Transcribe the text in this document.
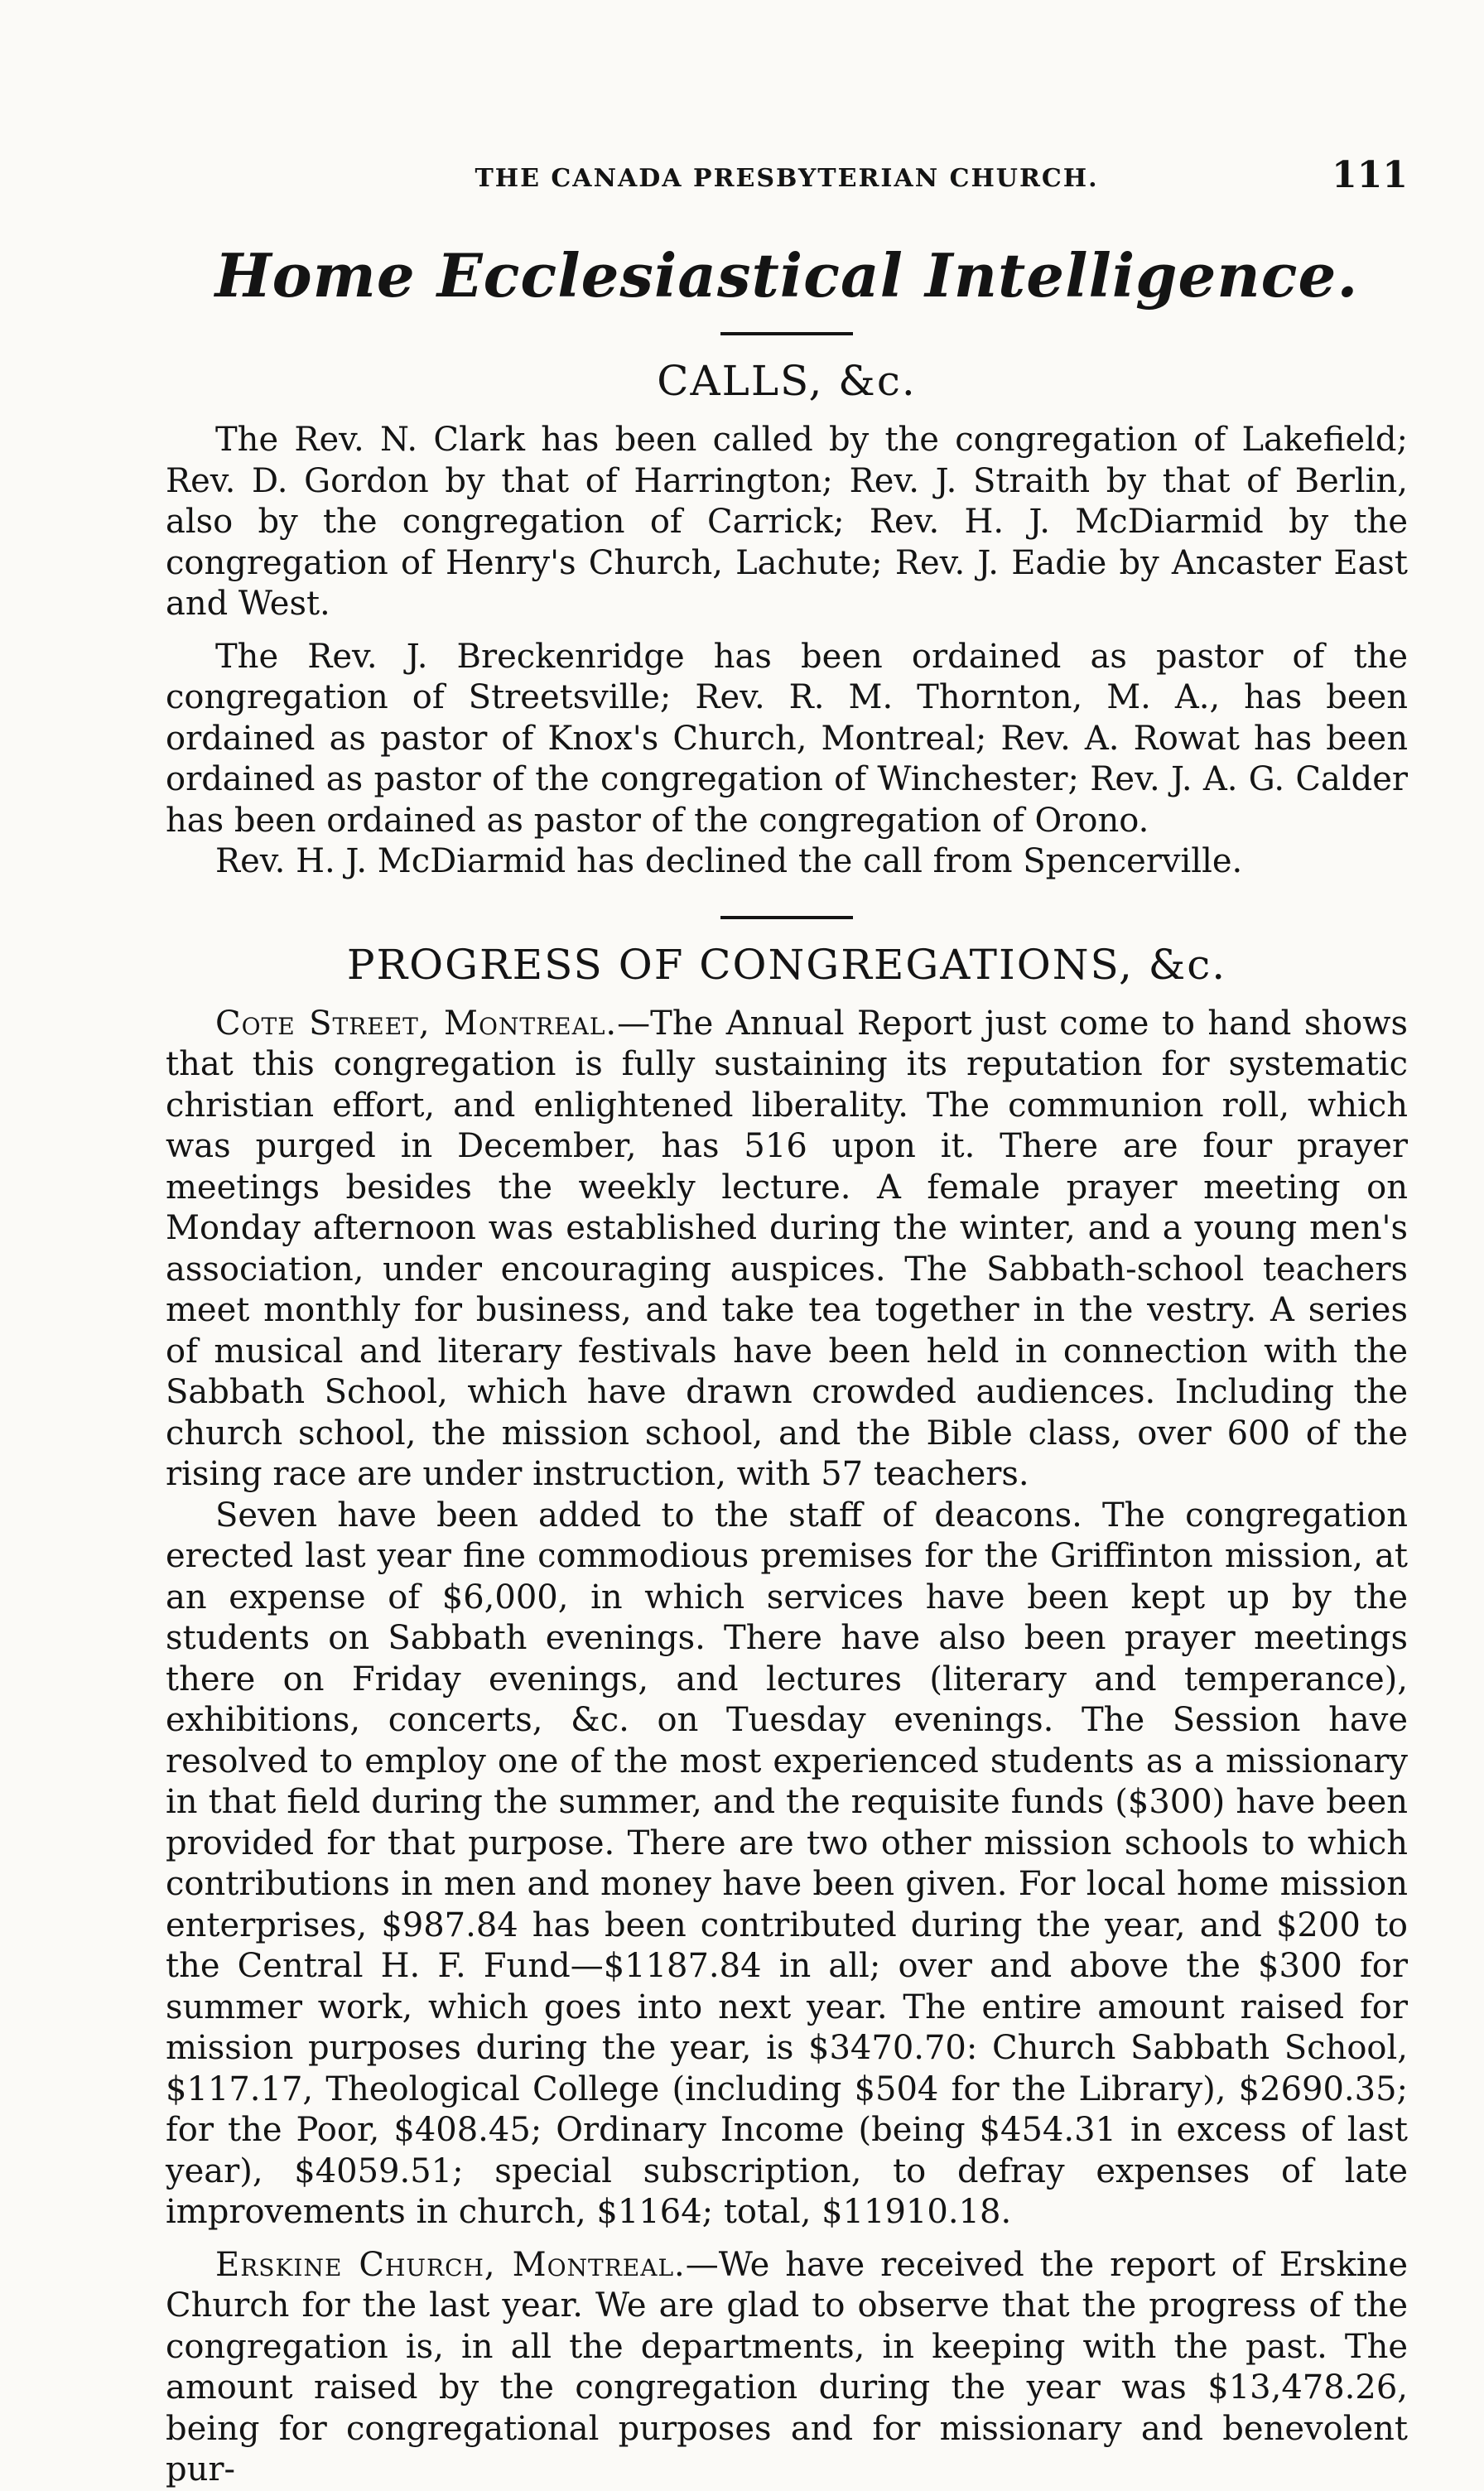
THE CANADA PRESBYTERIAN CHURCH.	111
Home Ecclesiastical Intelligence.
CALLS, &c.

The Rev. N. Clark has been called by the congregation of Lakefield; Rev. D. Gordon by that of Harrington; Rev. J. Straith by that of Berlin, also by the congregation of Carrick; Rev. H. J. McDiarmid by the congregation of Henry's Church, Lachute; Rev. J. Eadie by Ancaster East and West.

The Rev. J. Breckenridge has been ordained as pastor of the congregation of Streetsville; Rev. R. M. Thornton, M. A., has been ordained as pastor of Knox's Church, Montreal; Rev. A. Rowat has been ordained as pastor of the congregation of Winchester; Rev. J. A. G. Calder has been ordained as pastor of the congregation of Orono.

Rev. H. J. McDiarmid has declined the call from Spencerville.

PROGRESS OF CONGREGATIONS, &c.

Cote Street, Montreal.—The Annual Report just come to hand shows that this congregation is fully sustaining its reputation for systematic christian effort, and enlightened liberality. The communion roll, which was purged in December, has 516 upon it. There are four prayer meetings besides the weekly lecture. A female prayer meeting on Monday afternoon was established during the winter, and a young men's association, under encouraging auspices. The Sabbath-school teachers meet monthly for business, and take tea together in the vestry. A series of musical and literary festivals have been held in connection with the Sabbath School, which have drawn crowded audiences. Including the church school, the mission school, and the Bible class, over 600 of the rising race are under instruction, with 57 teachers.

Seven have been added to the staff of deacons. The congregation erected last year fine commodious premises for the Griffinton mission, at an expense of $6,000, in which services have been kept up by the students on Sabbath evenings. There have also been prayer meetings there on Friday evenings, and lectures (literary and temperance), exhibitions, concerts, &c. on Tuesday evenings. The Session have resolved to employ one of the most experienced students as a missionary in that field during the summer, and the requisite funds ($300) have been provided for that purpose. There are two other mission schools to which contributions in men and money have been given. For local home mission enterprises, $987.84 has been contributed during the year, and $200 to the Central H. F. Fund—$1187.84 in all; over and above the $300 for summer work, which goes into next year. The entire amount raised for mission purposes during the year, is $3470.70: Church Sabbath School, $117.17, Theological College (including $504 for the Library), $2690.35; for the Poor, $408.45; Ordinary Income (being $454.31 in excess of last year), $4059.51; special subscription, to defray expenses of late improvements in church, $1164; total, $11910.18.

Erskine Church, Montreal.—We have received the report of Erskine Church for the last year. We are glad to observe that the progress of the congregation is, in all the departments, in keeping with the past. The amount raised by the congregation during the year was $13,478.26, being for congregational purposes and for missionary and benevolent pur-
